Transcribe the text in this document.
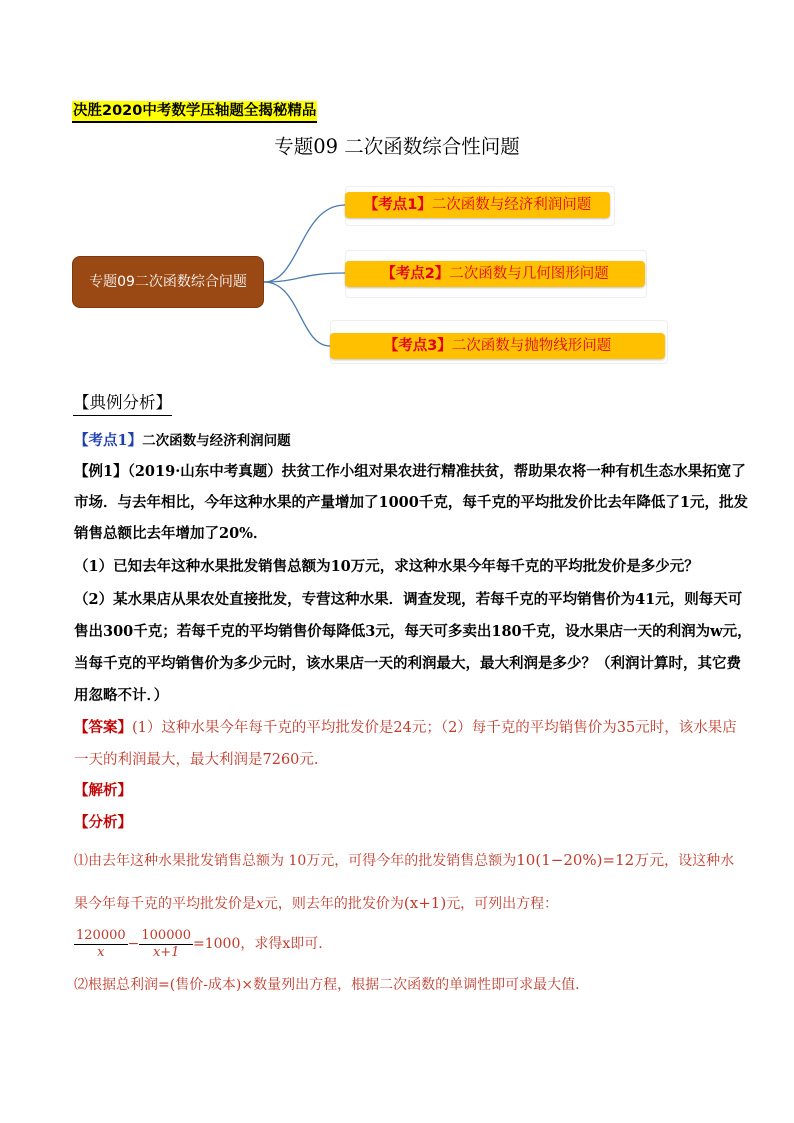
决胜2020中考数学压轴题全揭秘精品
专题09 二次函数综合性问题
专题09二次函数综合问题
【考点1】二次函数与经济利润问题
【考点2】二次函数与几何图形问题
【考点3】二次函数与抛物线形问题
【典例分析】
【考点1】二次函数与经济利润问题
【例1】（2019·山东中考真题）扶贫工作小组对果农进行精准扶贫，帮助果农将一种有机生态水果拓宽了
市场．与去年相比，今年这种水果的产量增加了1000千克，每千克的平均批发价比去年降低了1元，批发
销售总额比去年增加了20%．
（1）已知去年这种水果批发销售总额为10万元，求这种水果今年每千克的平均批发价是多少元？
（2）某水果店从果农处直接批发，专营这种水果．调查发现，若每千克的平均销售价为41元，则每天可
售出300千克；若每千克的平均销售价每降低3元，每天可多卖出180千克，设水果店一天的利润为w元，
当每千克的平均销售价为多少元时，该水果店一天的利润最大，最大利润是多少？（利润计算时，其它费
用忽略不计．）
【答案】(1）这种水果今年每千克的平均批发价是24元；（2）每千克的平均销售价为35元时，该水果店
一天的利润最大，最大利润是7260元.
【解析】
【分析】
⑴由去年这种水果批发销售总额为 10万元，可得今年的批发销售总额为10(1−20%)=12万元，设这种水
果今年每千克的平均批发价是x元，则去年的批发价为(x+1)元，可列出方程：
$\frac{120000}{x} - \frac{100000}{x+1} =1000$，求得x即可.
⑵根据总利润=(售价-成本)×数量列出方程，根据二次函数的单调性即可求最大值.
